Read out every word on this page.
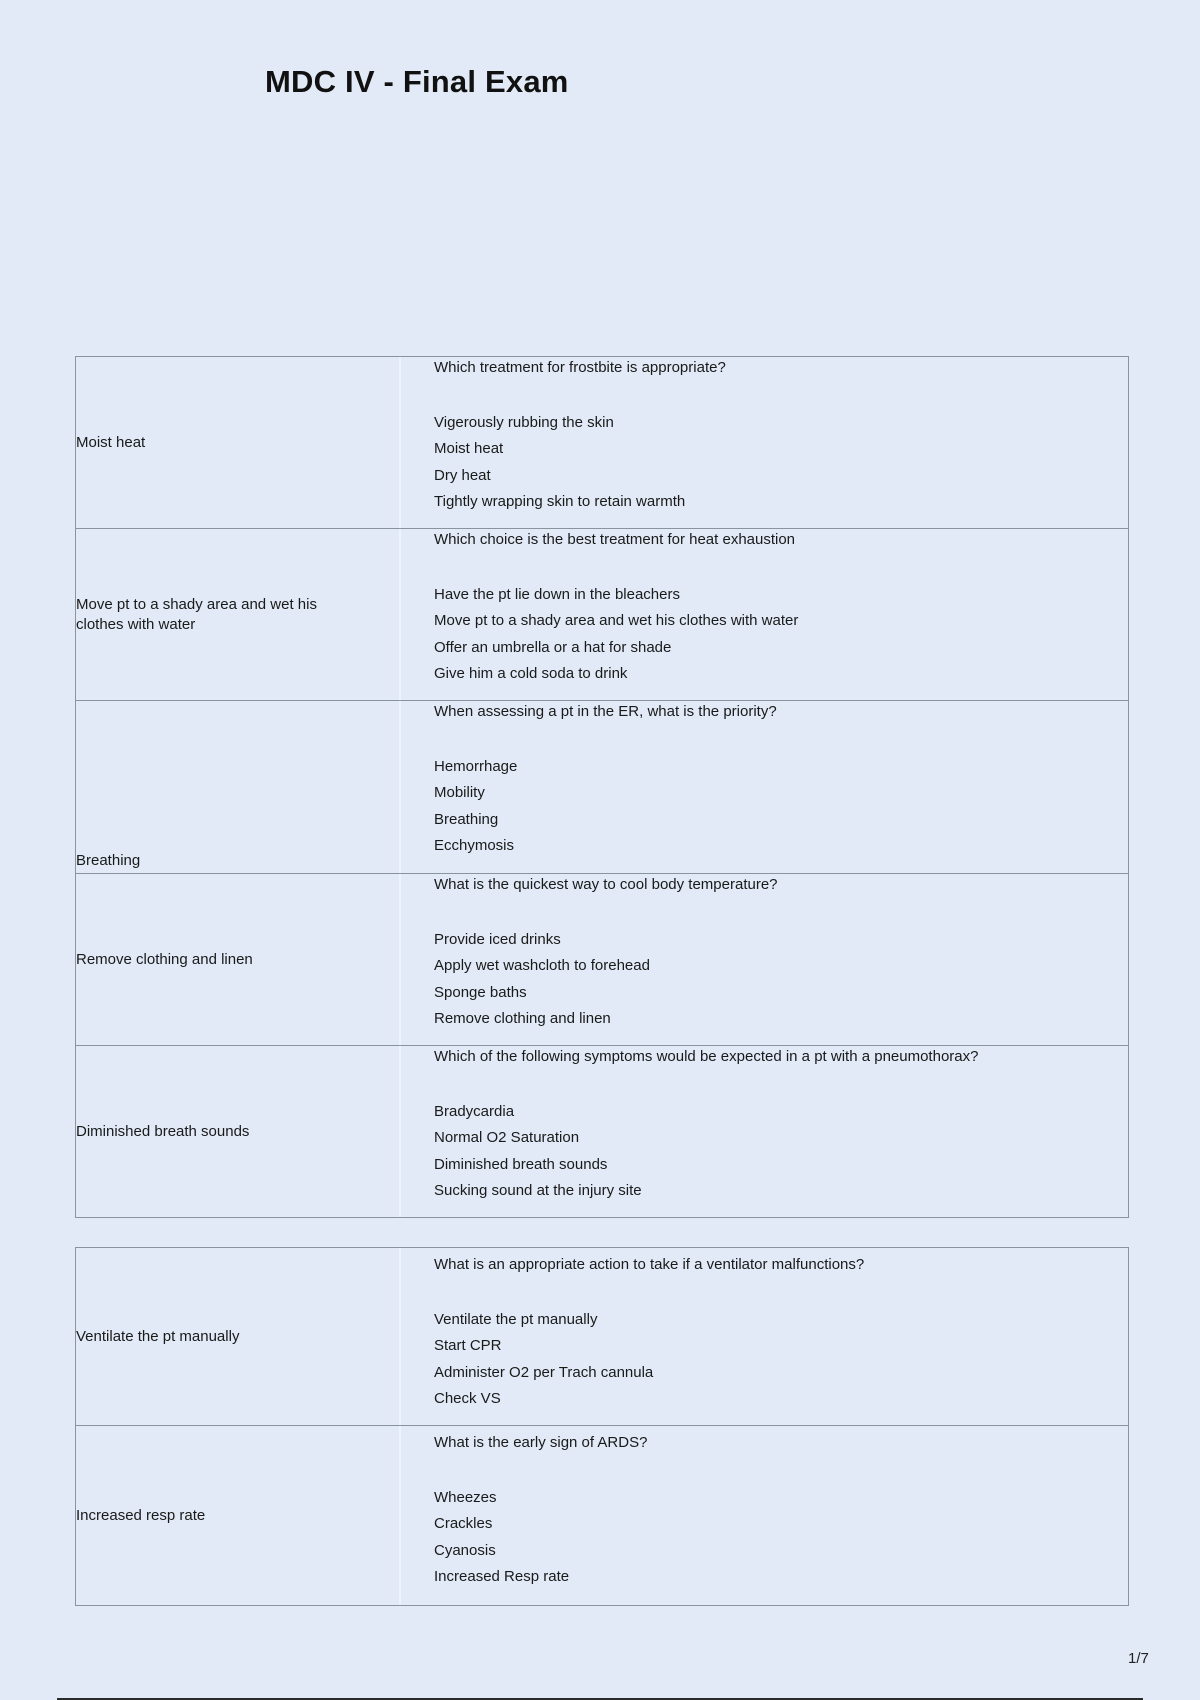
MDC IV - Final Exam
Moist heat
Which treatment for frostbite is appropriate?
Vigerously rubbing the skin
Moist heat
Dry heat
Tightly wrapping skin to retain warmth
Move pt to a shady area and wet his clothes with water
Which choice is the best treatment for heat exhaustion
Have the pt lie down in the bleachers
Move pt to a shady area and wet his clothes with water
Offer an umbrella or a hat for shade
Give him a cold soda to drink
Breathing
When assessing a pt in the ER, what is the priority?
Hemorrhage
Mobility
Breathing
Ecchymosis
Remove clothing and linen
What is the quickest way to cool body temperature?
Provide iced drinks
Apply wet washcloth to forehead
Sponge baths
Remove clothing and linen
Diminished breath sounds
Which of the following symptoms would be expected in a pt with a pneumothorax?
Bradycardia
Normal O2 Saturation
Diminished breath sounds
Sucking sound at the injury site
Ventilate the pt manually
What is an appropriate action to take if a ventilator malfunctions?
Ventilate the pt manually
Start CPR
Administer O2 per Trach cannula
Check VS
Increased resp rate
What is the early sign of ARDS?
Wheezes
Crackles
Cyanosis
Increased Resp rate
1/7
